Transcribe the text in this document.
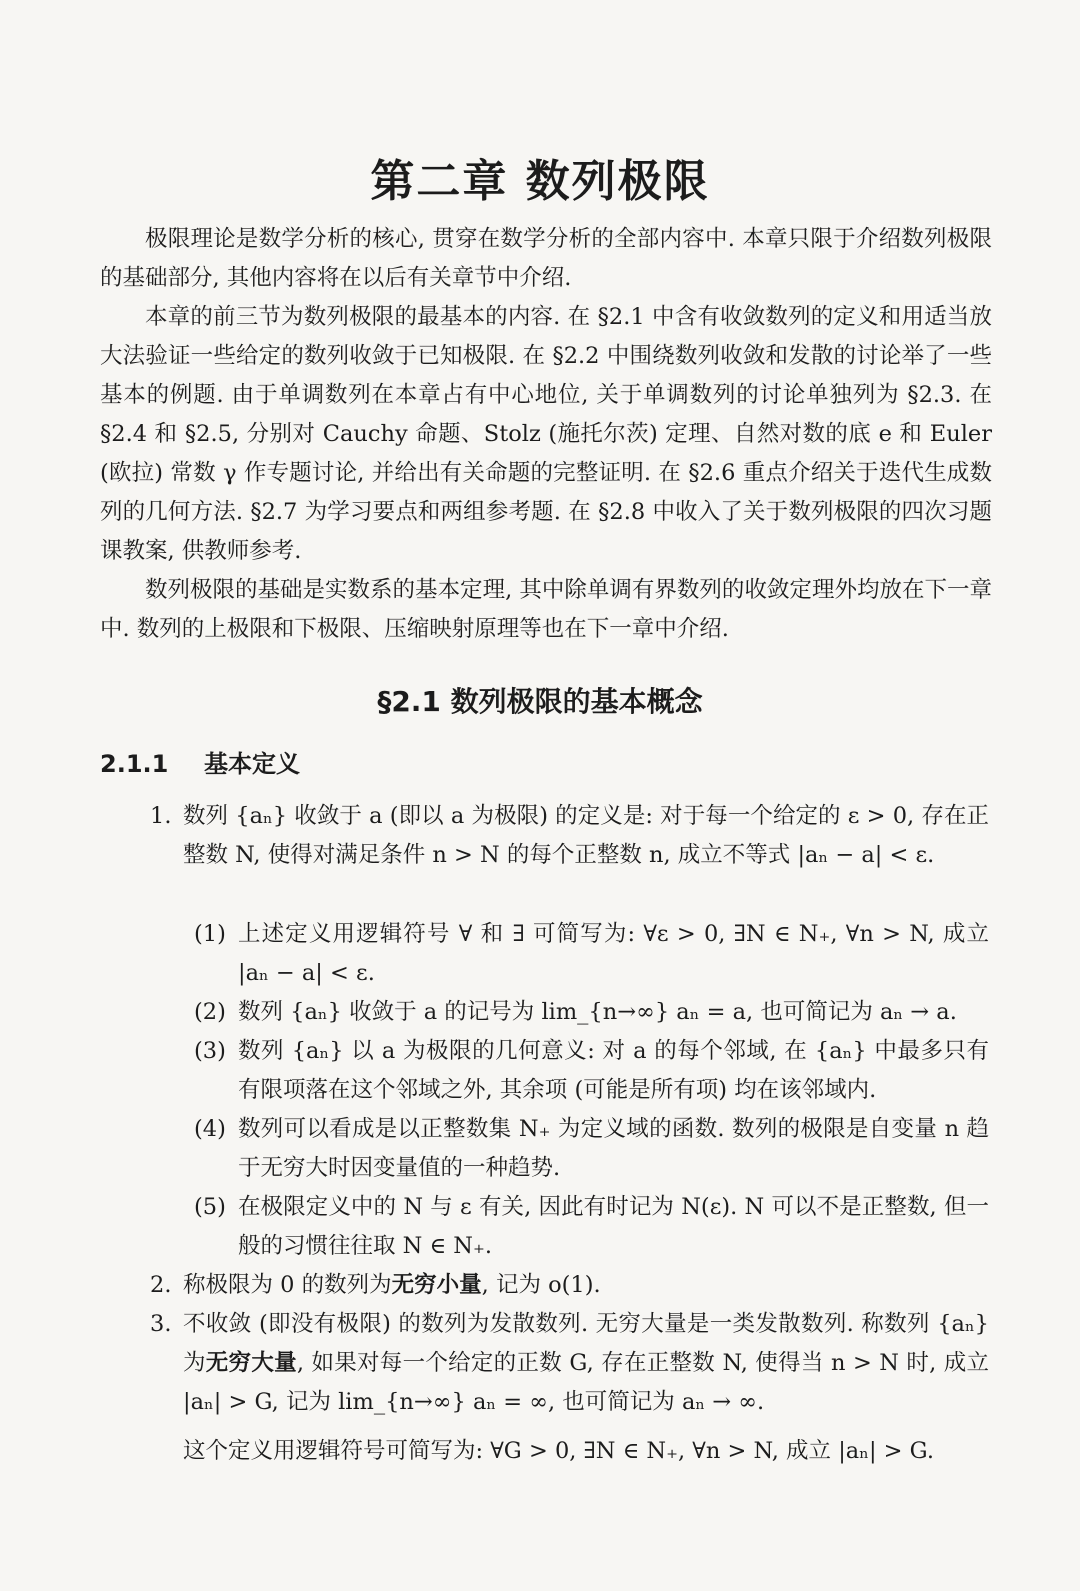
第二章 数列极限

极限理论是数学分析的核心, 贯穿在数学分析的全部内容中. 本章只限于介绍数列极限的基础部分, 其他内容将在以后有关章节中介绍.

本章的前三节为数列极限的最基本的内容. 在 §2.1 中含有收敛数列的定义和用适当放大法验证一些给定的数列收敛于已知极限. 在 §2.2 中围绕数列收敛和发散的讨论举了一些基本的例题. 由于单调数列在本章占有中心地位, 关于单调数列的讨论单独列为 §2.3. 在 §2.4 和 §2.5, 分别对 Cauchy 命题、Stolz (施托尔茨) 定理、自然对数的底 e 和 Euler (欧拉) 常数 γ 作专题讨论, 并给出有关命题的完整证明. 在 §2.6 重点介绍关于迭代生成数列的几何方法. §2.7 为学习要点和两组参考题. 在 §2.8 中收入了关于数列极限的四次习题课教案, 供教师参考.

数列极限的基础是实数系的基本定理, 其中除单调有界数列的收敛定理外均放在下一章中. 数列的上极限和下极限、压缩映射原理等也在下一章中介绍.

§2.1 数列极限的基本概念
2.1.1 基本定义
1. 数列 {aₙ} 收敛于 a (即以 a 为极限) 的定义是: 对于每一个给定的 ε > 0, 存在正整数 N, 使得对满足条件 n > N 的每个正整数 n, 成立不等式 |aₙ − a| < ε.
(1) 上述定义用逻辑符号 ∀ 和 ∃ 可简写为: ∀ε > 0, ∃N ∈ N₊, ∀n > N, 成立 |aₙ − a| < ε.
(2) 数列 {aₙ} 收敛于 a 的记号为 lim_{n→∞} aₙ = a, 也可简记为 aₙ → a.
(3) 数列 {aₙ} 以 a 为极限的几何意义: 对 a 的每个邻域, 在 {aₙ} 中最多只有有限项落在这个邻域之外, 其余项 (可能是所有项) 均在该邻域内.
(4) 数列可以看成是以正整数集 N₊ 为定义域的函数. 数列的极限是自变量 n 趋于无穷大时因变量值的一种趋势.
(5) 在极限定义中的 N 与 ε 有关, 因此有时记为 N(ε). N 可以不是正整数, 但一般的习惯往往取 N ∈ N₊.
2. 称极限为 0 的数列为无穷小量, 记为 o(1).
3. 不收敛 (即没有极限) 的数列为发散数列. 无穷大量是一类发散数列. 称数列 {aₙ} 为无穷大量, 如果对每一个给定的正数 G, 存在正整数 N, 使得当 n > N 时, 成立 |aₙ| > G, 记为 lim_{n→∞} aₙ = ∞, 也可简记为 aₙ → ∞.
这个定义用逻辑符号可简写为: ∀G > 0, ∃N ∈ N₊, ∀n > N, 成立 |aₙ| > G.
